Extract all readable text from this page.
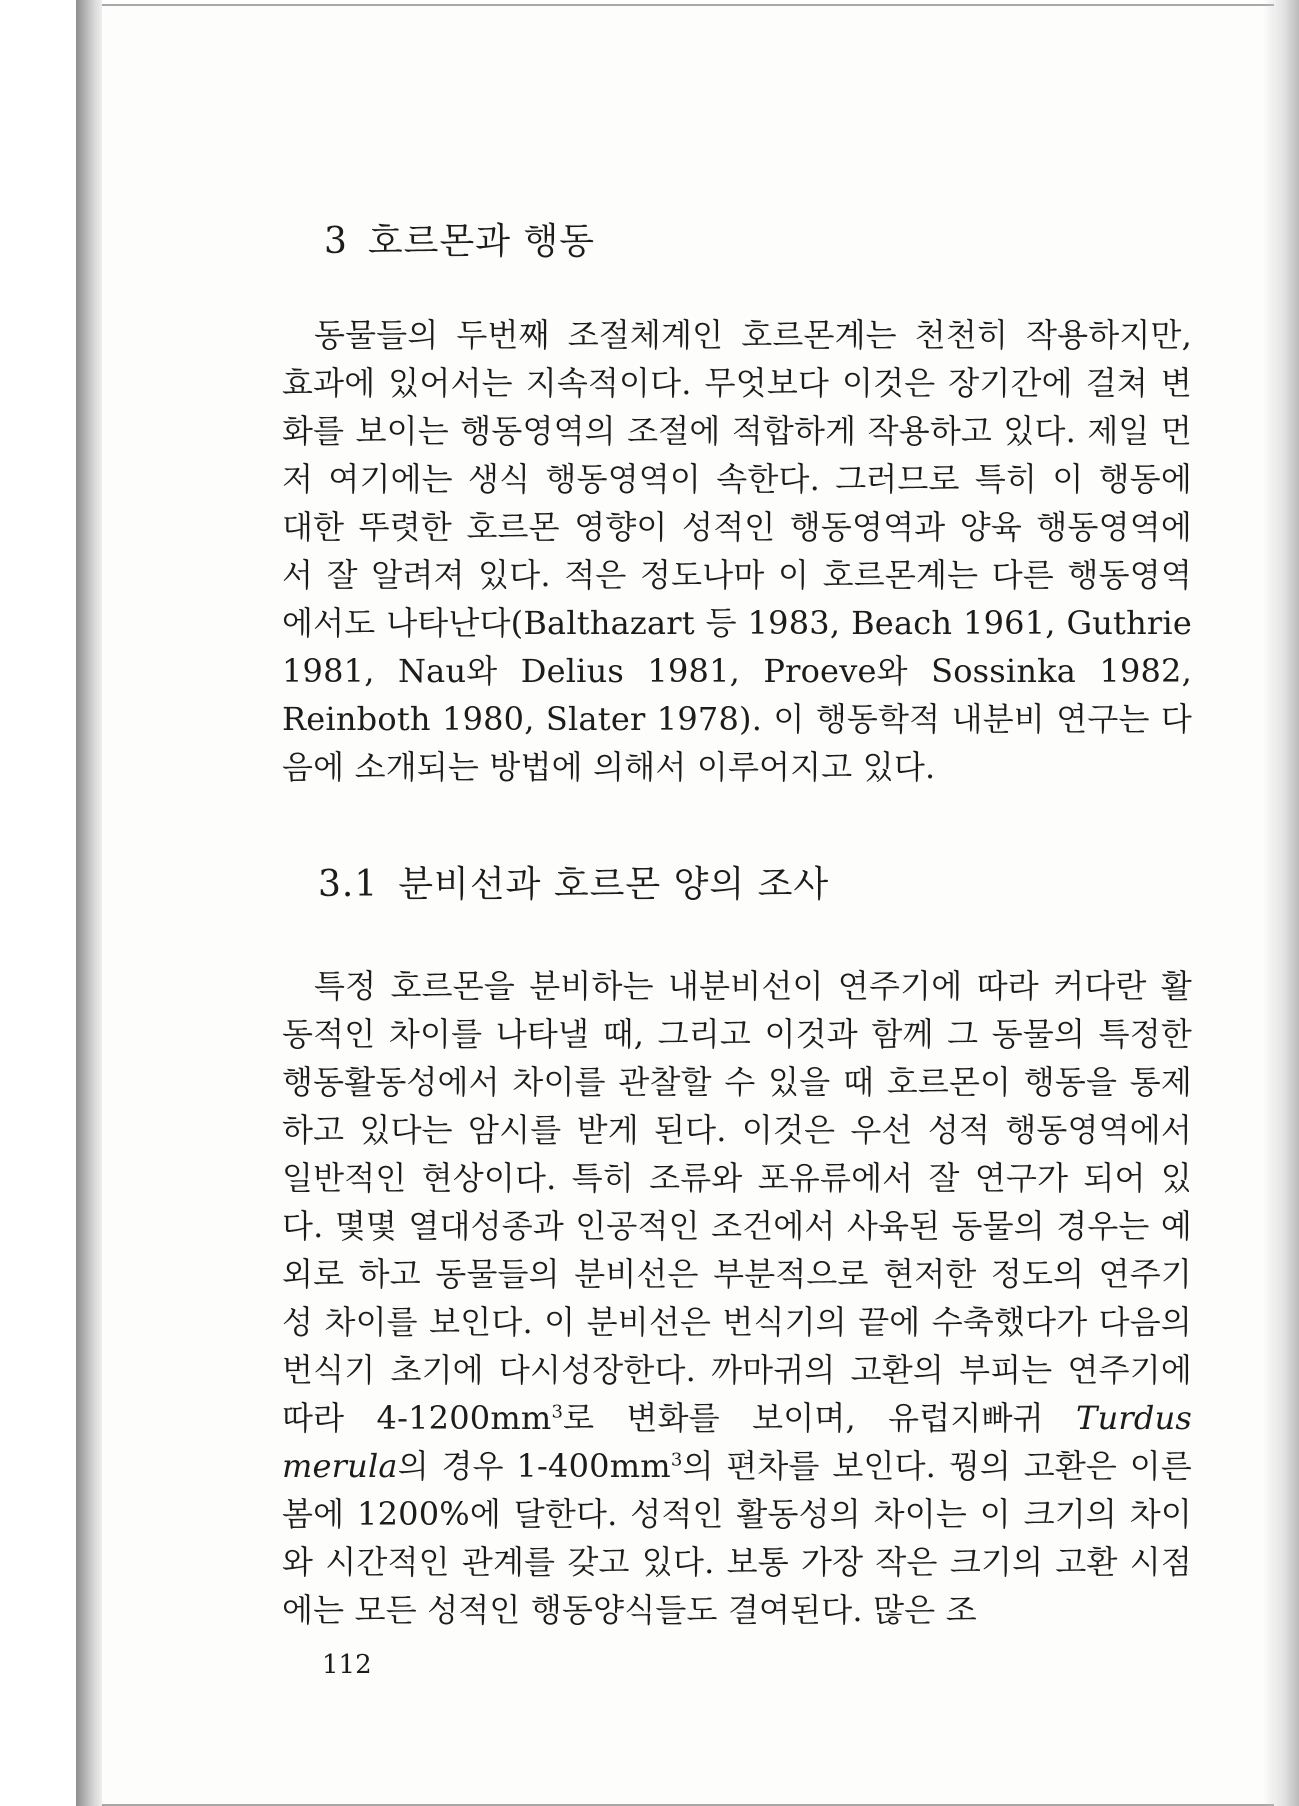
3 호르몬과 행동

동물들의 두번째 조절체계인 호르몬계는 천천히 작용하지만, 효과에 있어서는 지속적이다. 무엇보다 이것은 장기간에 걸쳐 변화를 보이는 행동영역의 조절에 적합하게 작용하고 있다. 제일 먼저 여기에는 생식 행동영역이 속한다. 그러므로 특히 이 행동에 대한 뚜렷한 호르몬 영향이 성적인 행동영역과 양육 행동영역에서 잘 알려져 있다. 적은 정도나마 이 호르몬계는 다른 행동영역에서도 나타난다(Balthazart 등 1983, Beach 1961, Guthrie 1981, Nau와 Delius 1981, Proeve와 Sossinka 1982, Reinboth 1980, Slater 1978). 이 행동학적 내분비 연구는 다음에 소개되는 방법에 의해서 이루어지고 있다.

3.1 분비선과 호르몬 양의 조사

특정 호르몬을 분비하는 내분비선이 연주기에 따라 커다란 활동적인 차이를 나타낼 때, 그리고 이것과 함께 그 동물의 특정한 행동활동성에서 차이를 관찰할 수 있을 때 호르몬이 행동을 통제하고 있다는 암시를 받게 된다. 이것은 우선 성적 행동영역에서 일반적인 현상이다. 특히 조류와 포유류에서 잘 연구가 되어 있다. 몇몇 열대성종과 인공적인 조건에서 사육된 동물의 경우는 예외로 하고 동물들의 분비선은 부분적으로 현저한 정도의 연주기성 차이를 보인다. 이 분비선은 번식기의 끝에 수축했다가 다음의 번식기 초기에 다시성장한다. 까마귀의 고환의 부피는 연주기에 따라 $4-1200mm^3$로 변화를 보이며, 유럽지빠귀 Turdus merula의 경우 $1-400mm^3$의 편차를 보인다. 꿩의 고환은 이른 봄에 1200%에 달한다. 성적인 활동성의 차이는 이 크기의 차이와 시간적인 관계를 갖고 있다. 보통 가장 작은 크기의 고환 시점에는 모든 성적인 행동양식들도 결여된다. 많은 조

112
